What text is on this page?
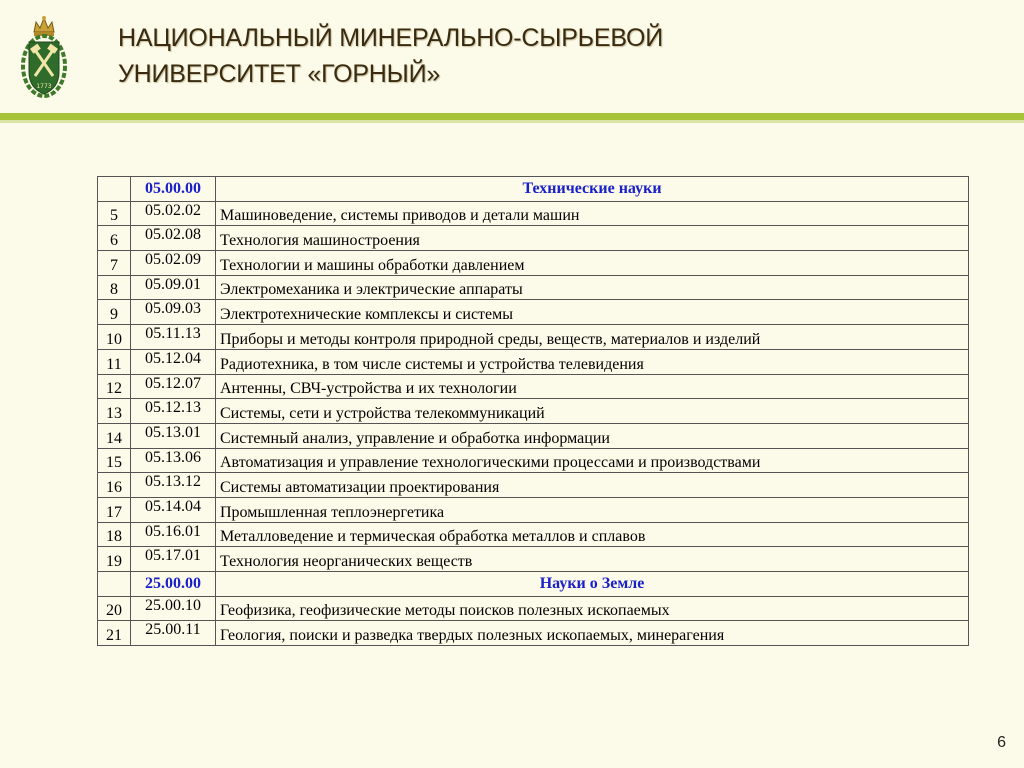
1773
НАЦИОНАЛЬНЫЙ МИНЕРАЛЬНО-СЫРЬЕВОЙ
УНИВЕРСИТЕТ «ГОРНЫЙ»
	05.00.00	Технические науки
5	05.02.02	Машиноведение, системы приводов и детали машин
6	05.02.08	Технология машиностроения
7	05.02.09	Технологии и машины обработки давлением
8	05.09.01	Электромеханика и электрические аппараты
9	05.09.03	Электротехнические комплексы и системы
10	05.11.13	Приборы и методы контроля природной среды, веществ, материалов и изделий
11	05.12.04	Радиотехника, в том числе системы и устройства телевидения
12	05.12.07	Антенны, СВЧ-устройства и их технологии
13	05.12.13	Системы, сети и устройства телекоммуникаций
14	05.13.01	Системный анализ, управление и обработка информации
15	05.13.06	Автоматизация и управление технологическими процессами и производствами
16	05.13.12	Системы автоматизации проектирования
17	05.14.04	Промышленная теплоэнергетика
18	05.16.01	Металловедение и термическая обработка металлов и сплавов
19	05.17.01	Технология неорганических веществ
	25.00.00	Науки о Земле
20	25.00.10	Геофизика, геофизические методы поисков полезных ископаемых
21	25.00.11	Геология, поиски и разведка твердых полезных ископаемых, минерагения
6
